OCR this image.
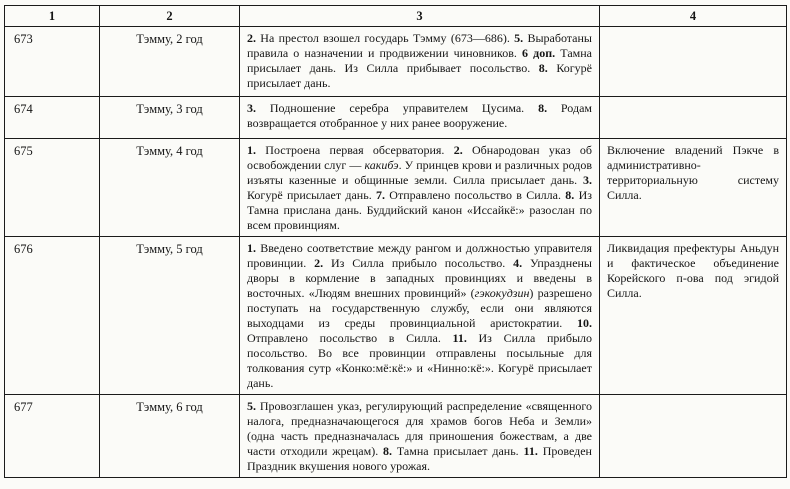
1	2	3	4
673	Тэмму, 2 год	2. На престол взошел государь Тэмму (673—686). 5. Выработаны правила о назначении и продвижении чиновников. 6 доп. Тамна присылает дань. Из Силла прибывает посольство. 8. Когурё присылает дань.	
674	Тэмму, 3 год	3. Подношение серебра управителем Цусима. 8. Родам возвращается отобранное у них ранее вооружение.	
675	Тэмму, 4 год	1. Построена первая обсерватория. 2. Обнародован указ об освобождении слуг — какибэ. У принцев крови и различных родов изъяты казенные и общинные земли. Силла присылает дань. 3. Когурё присылает дань. 7. Отправлено посольство в Силла. 8. Из Тамна прислана дань. Буддийский канон «Иссайкё:» разослан по всем провинциям.	Включение владений Пэкче в административно-территориальную систему Силла.
676	Тэмму, 5 год	1. Введено соответствие между рангом и должностью управителя провинции. 2. Из Силла прибыло посольство. 4. Упразднены дворы в кормление в западных провинциях и введены в восточных. «Людям внешних провинций» (гэкокудзин) разрешено поступать на государственную службу, если они являются выходцами из среды провинциальной аристократии. 10. Отправлено посольство в Силла. 11. Из Силла прибыло посольство. Во все провинции отправлены посыльные для толкования сутр «Конко:мё:кё:» и «Нинно:кё:». Когурё присылает дань.	Ликвидация префектуры Аньдун и фактическое объединение Корейского п-ова под эгидой Силла.
677	Тэмму, 6 год	5. Провозглашен указ, регулирующий распределение «священного налога, предназначающегося для храмов богов Неба и Земли» (одна часть предназначалась для приношения божествам, а две части отходили жрецам). 8. Тамна присылает дань. 11. Проведен Праздник вкушения нового урожая.	
